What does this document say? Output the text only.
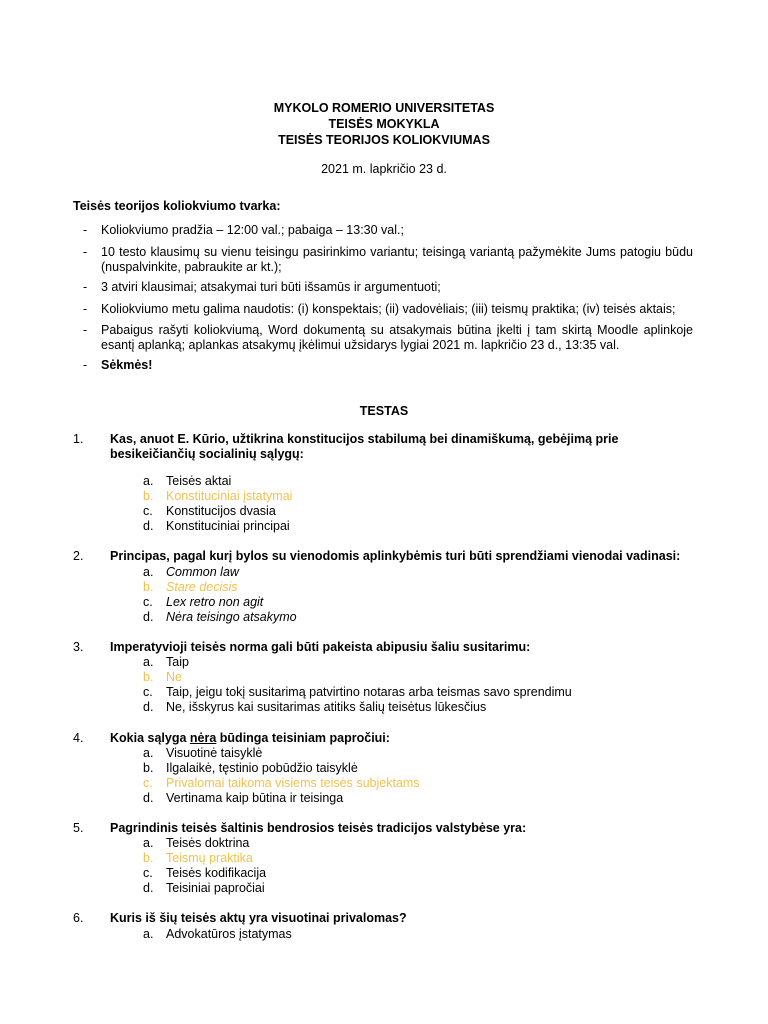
MYKOLO ROMERIO UNIVERSITETAS
TEISĖS MOKYKLA
TEISĖS TEORIJOS KOLIOKVIUMAS
2021 m. lapkričio 23 d.
Teisės teorijos koliokviumo tvarka:
- Koliokviumo pradžia – 12:00 val.; pabaiga – 13:30 val.;
- 10 testo klausimų su vienu teisingu pasirinkimo variantu; teisingą variantą pažymėkite Jums patogiu būdu (nuspalvinkite, pabraukite ar kt.);
- 3 atviri klausimai; atsakymai turi būti išsamūs ir argumentuoti;
- Koliokviumo metu galima naudotis: (i) konspektais; (ii) vadovėliais; (iii) teismų praktika; (iv) teisės aktais;
- Pabaigus rašyti koliokviumą, Word dokumentą su atsakymais būtina įkelti į tam skirtą Moodle aplinkoje esantį aplanką; aplankas atsakymų įkėlimui užsidarys lygiai 2021 m. lapkričio 23 d., 13:35 val.
- Sėkmės!
TESTAS
1. Kas, anuot E. Kūrio, užtikrina konstitucijos stabilumą bei dinamiškumą, gebėjimą prie besikeičiančių socialinių sąlygų:
a. Teisės aktai
b. Konstituciniai įstatymai
c. Konstitucijos dvasia
d. Konstituciniai principai
2. Principas, pagal kurį bylos su vienodomis aplinkybėmis turi būti sprendžiami vienodai vadinasi:
a. Common law
b. Stare decisis
c. Lex retro non agit
d. Nėra teisingo atsakymo
3. Imperatyvioji teisės norma gali būti pakeista abipusiu šaliu susitarimu:
a. Taip
b. Ne
c. Taip, jeigu tokį susitarimą patvirtino notaras arba teismas savo sprendimu
d. Ne, išskyrus kai susitarimas atitiks šalių teisėtus lūkesčius
4. Kokia sąlyga nėra būdinga teisiniam papročiui:
a. Visuotinė taisyklė
b. Ilgalaikė, tęstinio pobūdžio taisyklė
c. Privalomai taikoma visiems teisės subjektams
d. Vertinama kaip būtina ir teisinga
5. Pagrindinis teisės šaltinis bendrosios teisės tradicijos valstybėse yra:
a. Teisės doktrina
b. Teismų praktika
c. Teisės kodifikacija
d. Teisiniai papročiai
6. Kuris iš šių teisės aktų yra visuotinai privalomas?
a. Advokatūros įstatymas
